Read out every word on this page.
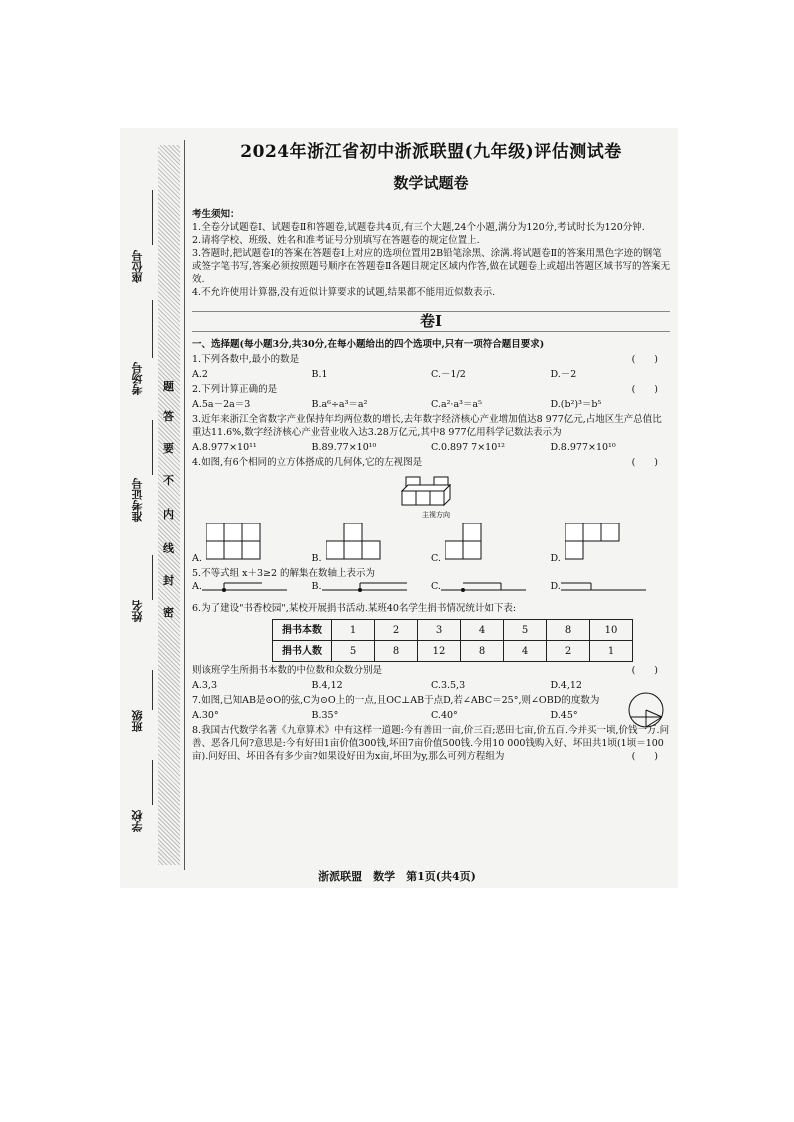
班级
姓名
准考证号
考场号
座位号
学校
题
答
要
不
内
线
封
密
2024年浙江省初中浙派联盟(九年级)评估测试卷
数学试题卷
考生须知：

1.全卷分试题卷Ⅰ、试题卷Ⅱ和答题卷,试题卷共4页,有三个大题,24个小题,满分为120分,考试时长为120分钟.

2.请将学校、班级、姓名和准考证号分别填写在答题卷的规定位置上.

3.答题时,把试题卷Ⅰ的答案在答题卷Ⅰ上对应的选项位置用2B铅笔涂黑、涂满.将试题卷Ⅱ的答案用黑色字迹的钢笔或签字笔书写,答案必须按照题号顺序在答题卷Ⅱ各题目规定区域内作答,做在试题卷上或超出答题区域书写的答案无效.

4.不允许使用计算器,没有近似计算要求的试题,结果都不能用近似数表示.

卷Ⅰ
一、选择题(每小题3分,共30分,在每小题给出的四个选项中,只有一项符合题目要求)
1.下列各数中,最小的数是	(　　)
A.2	B.1	C.－1/2	D.－2
2.下列计算正确的是	(　　)
A.5a－2a＝3	B.a⁶÷a³＝a²	C.a²·a³＝a⁵	D.(b²)³＝b⁵
3.近年来浙江全省数字产业保持年均两位数的增长,去年数字经济核心产业增加值达8 977亿元,占地区生产总值比重达11.6%,数字经济核心产业营业收入达3.28万亿元,其中8 977亿用科学记数法表示为
A.8.977×10¹¹	B.89.77×10¹⁰	C.0.897 7×10¹²	D.8.977×10¹⁰
4.如图,有6个相同的立方体搭成的几何体,它的左视图是	(　　)
主视方向
A.	B.	C.	D.
5.不等式组 x＋3≥2 的解集在数轴上表示为
A.	B.	C.	D.
6.为了建设"书香校园",某校开展捐书活动.某班40名学生捐书情况统计如下表:
捐书本数	1	2	3	4	5	8	10
捐书人数	5	8	12	8	4	2	1
则该班学生所捐书本数的中位数和众数分别是	(　　)
A.3,3	B.4,12	C.3.5,3	D.4,12
7.如图,已知AB是⊙O的弦,C为⊙O上的一点,且OC⊥AB于点D,若∠ABC＝25°,则∠OBD的度数为
A.30°	B.35°	C.40°	D.45°
8.我国古代数学名著《九章算术》中有这样一道题:今有善田一亩,价三百;恶田七亩,价五百.今并买一顷,价钱一万.问善、恶各几何?意思是:今有好田1亩价值300钱,坏田7亩价值500钱.今用10 000钱购入好、坏田共1顷(1顷＝100亩).问好田、坏田各有多少亩?如果设好田为x亩,坏田为y,那么可列方程组为	(　　)
浙派联盟　数学　第1页(共4页)
